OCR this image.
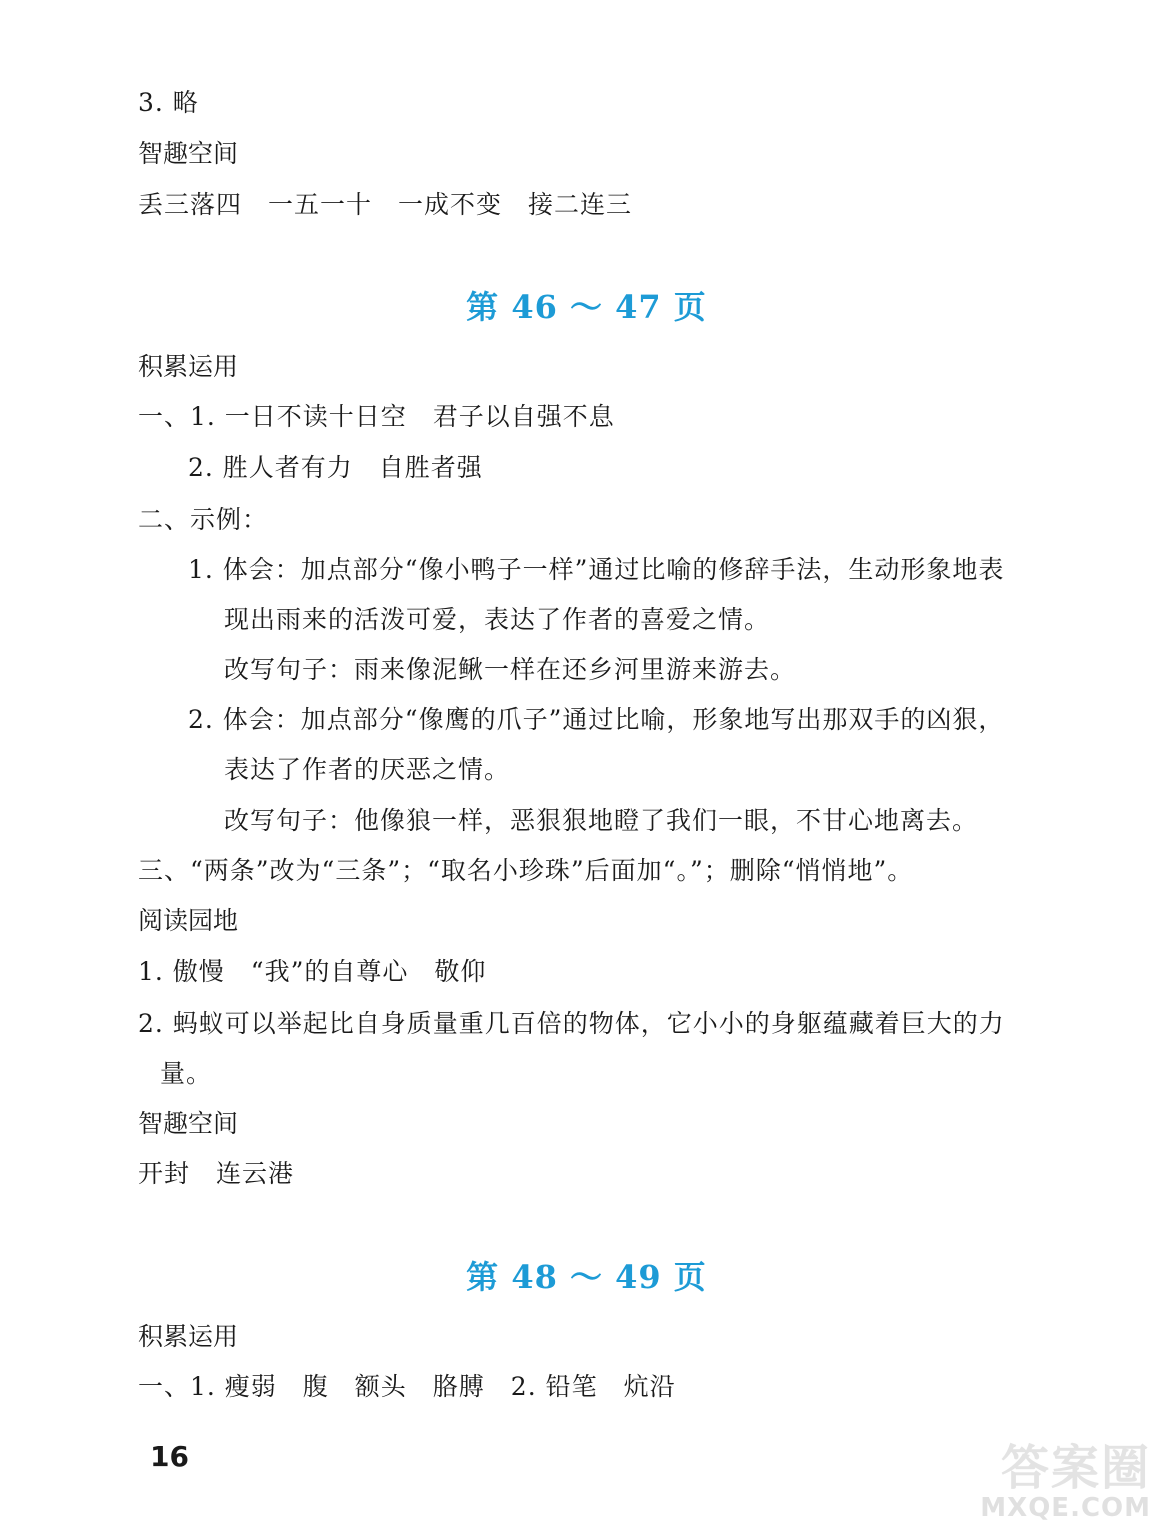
3. 略
智趣空间
丢三落四　一五一十　一成不变　接二连三
第 46 ～ 47 页
积累运用
一、1. 一日不读十日空　君子以自强不息
2. 胜人者有力　自胜者强
二、示例：
1. 体会：加点部分“像小鸭子一样”通过比喻的修辞手法，生动形象地表
现出雨来的活泼可爱，表达了作者的喜爱之情。
改写句子：雨来像泥鳅一样在还乡河里游来游去。
2. 体会：加点部分“像鹰的爪子”通过比喻，形象地写出那双手的凶狠，
表达了作者的厌恶之情。
改写句子：他像狼一样，恶狠狠地瞪了我们一眼，不甘心地离去。
三、“两条”改为“三条”；“取名小珍珠”后面加“。”；删除“悄悄地”。
阅读园地
1. 傲慢　“我”的自尊心　敬仰
2. 蚂蚁可以举起比自身质量重几百倍的物体，它小小的身躯蕴藏着巨大的力
量。
智趣空间
开封　连云港
第 48 ～ 49 页
积累运用
一、1. 瘦弱　腹　额头　胳膊　2. 铅笔　炕沿
16	答案圈
MXQE.COM
